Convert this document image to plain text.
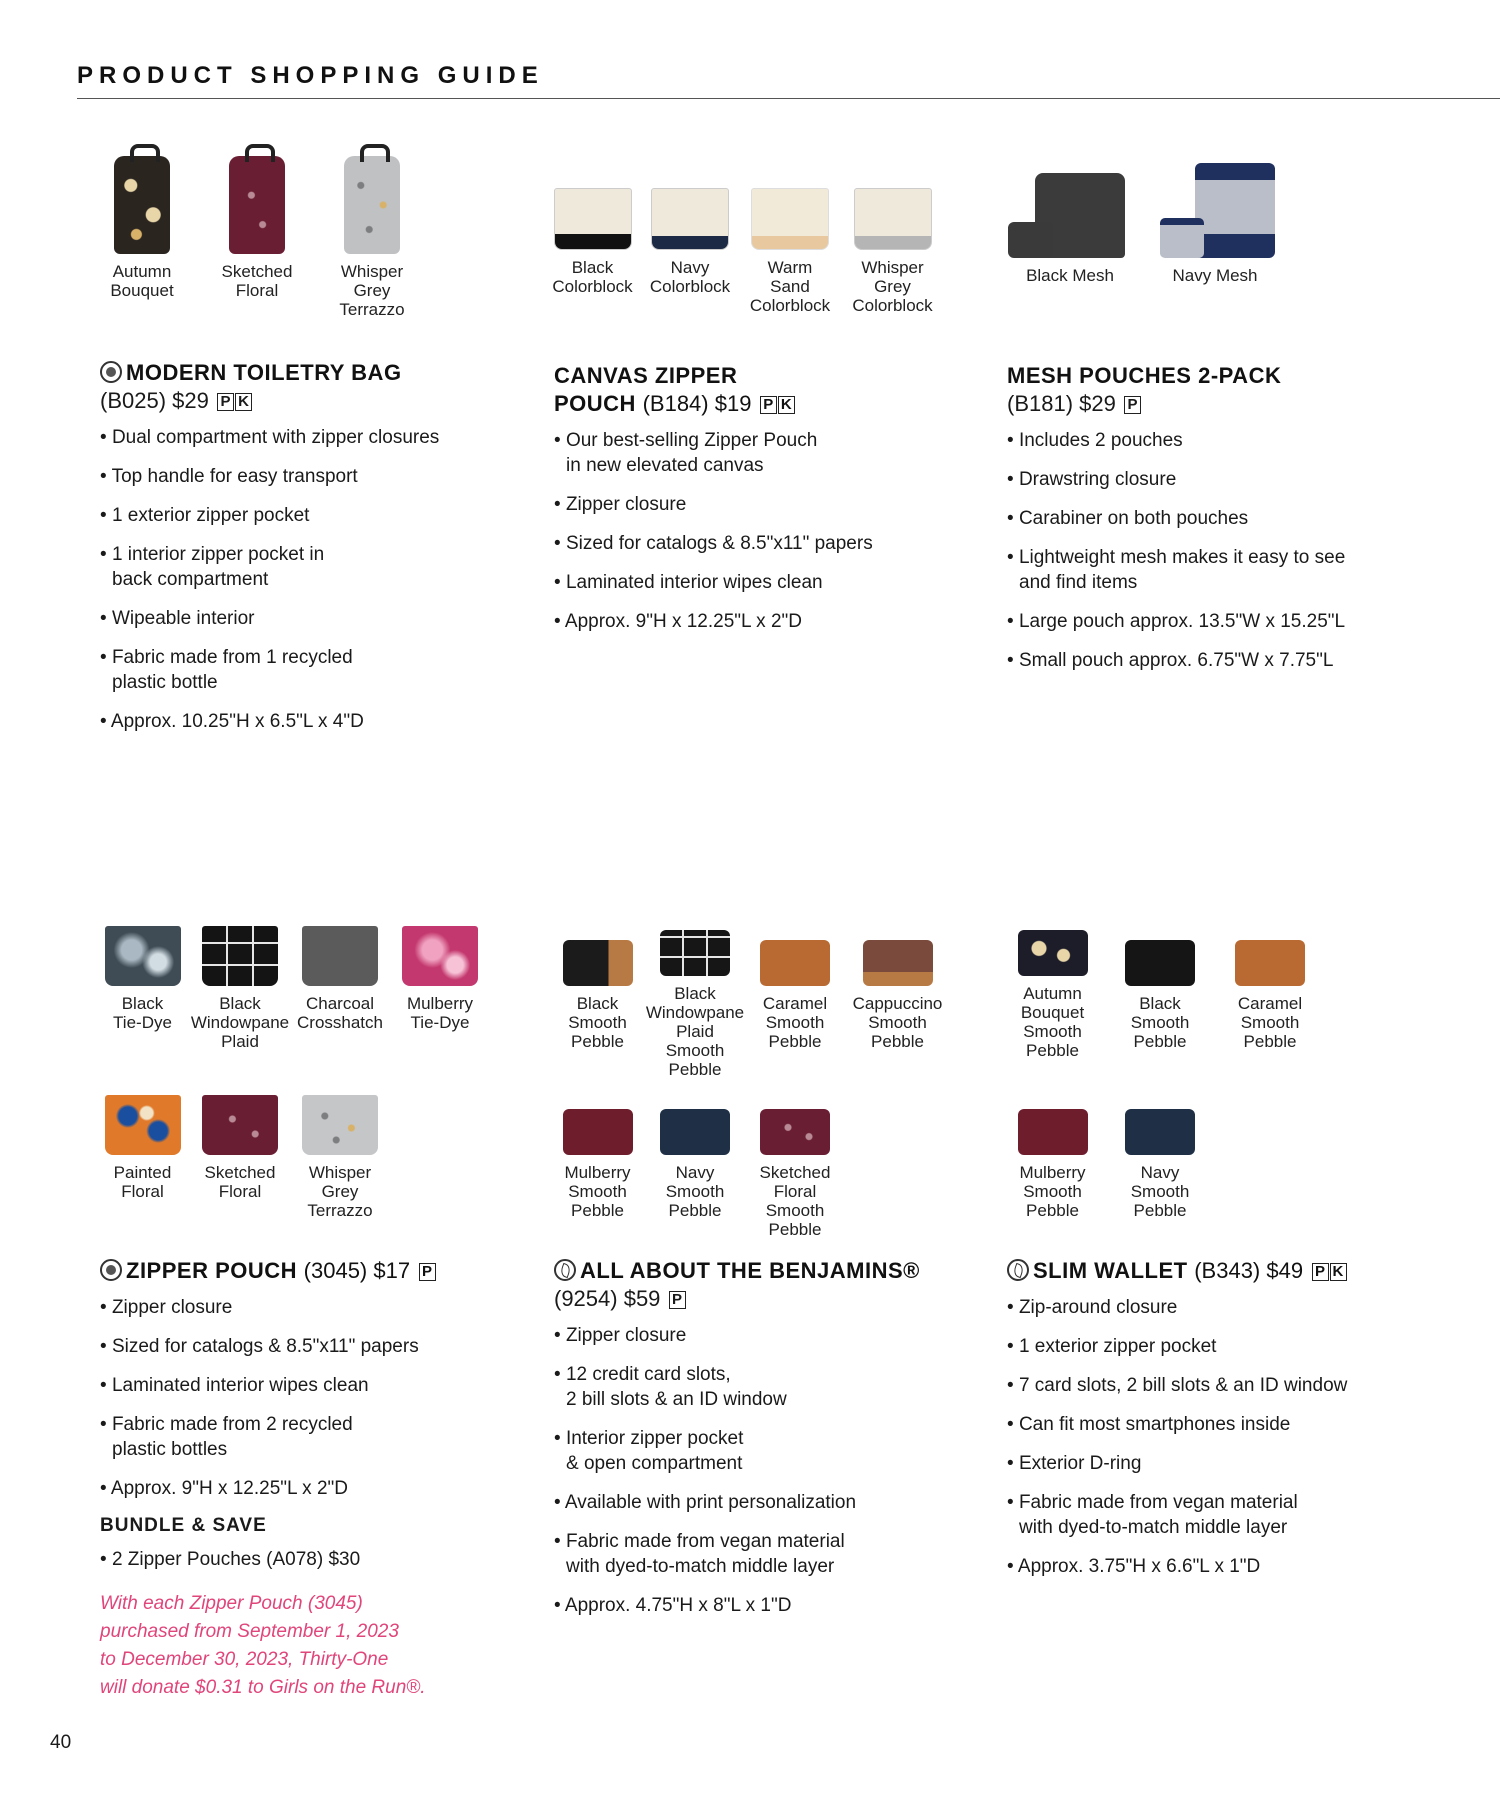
PRODUCT SHOPPING GUIDE
Autumn
Bouquet
Sketched
Floral
Whisper
Grey
Terrazzo
Black
Colorblock
Navy
Colorblock
Warm
Sand
Colorblock
Whisper
Grey
Colorblock
Black Mesh	Navy Mesh
MODERN TOILETRY BAG
(B025) $29 P K
• Dual compartment with zipper closures
• Top handle for easy transport
• 1 exterior zipper pocket
• 1 interior zipper pocket in
back compartment
• Wipeable interior
• Fabric made from 1 recycled
plastic bottle
• Approx. 10.25"H x 6.5"L x 4"D
CANVAS ZIPPER
POUCH (B184) $19 P K
• Our best-selling Zipper Pouch
in new elevated canvas
• Zipper closure
• Sized for catalogs & 8.5"x11" papers
• Laminated interior wipes clean
• Approx. 9"H x 12.25"L x 2"D
MESH POUCHES 2-PACK
(B181) $29 P
• Includes 2 pouches
• Drawstring closure
• Carabiner on both pouches
• Lightweight mesh makes it easy to see
and find items
• Large pouch approx. 13.5"W x 15.25"L
• Small pouch approx. 6.75"W x 7.75"L
Black
Tie-Dye
Black
Windowpane
Plaid
Charcoal
Crosshatch
Mulberry
Tie-Dye
Painted
Floral
Sketched
Floral
Whisper
Grey
Terrazzo
Black
Smooth
Pebble
Black
Windowpane
Plaid Smooth
Pebble
Caramel
Smooth
Pebble
Cappuccino
Smooth
Pebble
Mulberry
Smooth
Pebble
Navy
Smooth
Pebble
Sketched
Floral Smooth
Pebble
Autumn
Bouquet
Smooth
Pebble
Black
Smooth
Pebble
Caramel
Smooth
Pebble
Mulberry
Smooth
Pebble
Navy
Smooth
Pebble
ZIPPER POUCH (3045) $17 P
• Zipper closure
• Sized for catalogs & 8.5"x11" papers
• Laminated interior wipes clean
• Fabric made from 2 recycled
plastic bottles
• Approx. 9"H x 12.25"L x 2"D
BUNDLE & SAVE
• 2 Zipper Pouches (A078) $30
With each Zipper Pouch (3045)
purchased from September 1, 2023
to December 30, 2023, Thirty-One
will donate $0.31 to Girls on the Run®.
ALL ABOUT THE BENJAMINS®
(9254) $59 P
• Zipper closure
• 12 credit card slots,
2 bill slots & an ID window
• Interior zipper pocket
& open compartment
• Available with print personalization
• Fabric made from vegan material
with dyed-to-match middle layer
• Approx. 4.75"H x 8"L x 1"D
SLIM WALLET (B343) $49 P K
• Zip-around closure
• 1 exterior zipper pocket
• 7 card slots, 2 bill slots & an ID window
• Can fit most smartphones inside
• Exterior D-ring
• Fabric made from vegan material
with dyed-to-match middle layer
• Approx. 3.75"H x 6.6"L x 1"D
40
